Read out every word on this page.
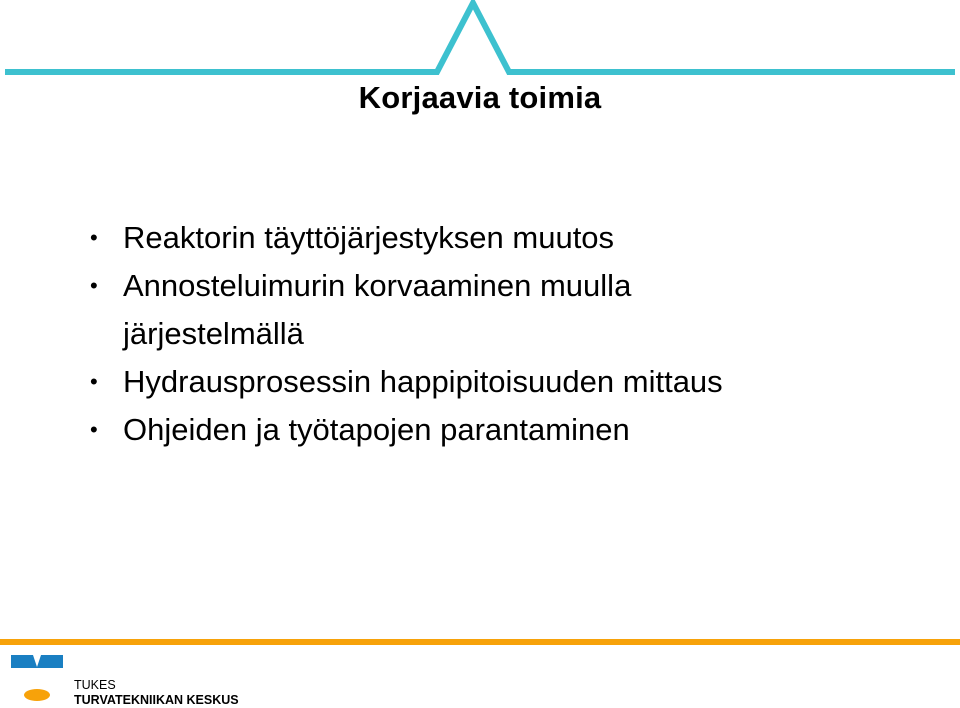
Korjaavia toimia
• Reaktorin täyttöjärjestyksen muutos
• Annosteluimurin korvaaminen muulla
järjestelmällä
• Hydrausprosessin happipitoisuuden mittaus
• Ohjeiden ja työtapojen parantaminen
TUKES
TURVATEKNIIKAN KESKUS
